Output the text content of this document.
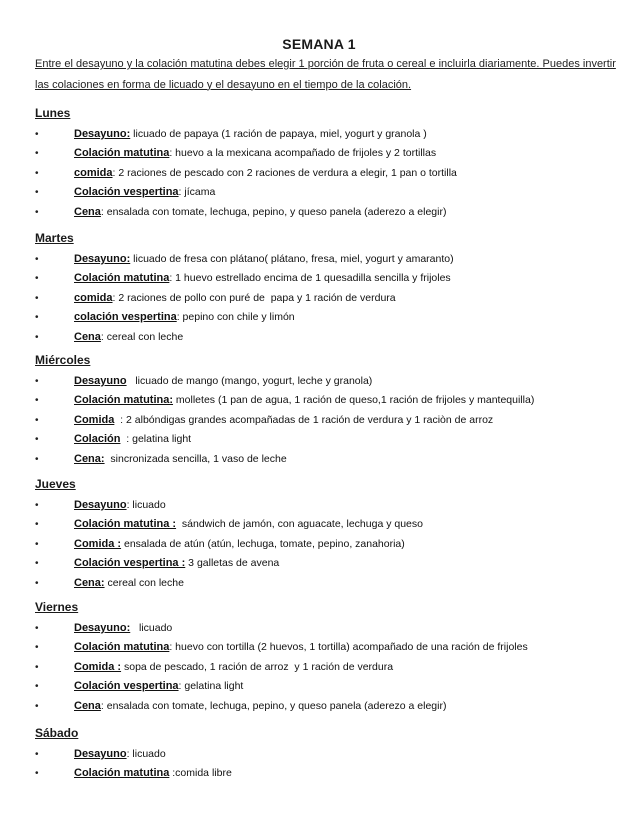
SEMANA 1
Entre el desayuno y la colación matutina debes elegir 1 porción de fruta o cereal e incluirla diariamente. Puedes invertir las colaciones en forma de licuado y el desayuno en el tiempo de la colación.
Lunes
•	Desayuno: licuado de papaya (1 ración de papaya, miel, yogurt y granola )
•	Colación matutina: huevo a la mexicana acompañado de frijoles y 2 tortillas
•	comida: 2 raciones de pescado con 2 raciones de verdura a elegir, 1 pan o tortilla
•	Colación vespertina: jícama
•	Cena: ensalada con tomate, lechuga, pepino, y queso panela (aderezo a elegir)
Martes
•	Desayuno: licuado de fresa con plátano( plátano, fresa, miel, yogurt y amaranto)
•	Colación matutina: 1 huevo estrellado encima de 1 quesadilla sencilla y frijoles
•	comida: 2 raciones de pollo con puré de  papa y 1 ración de verdura
•	colación vespertina: pepino con chile y limón
•	Cena: cereal con leche
Miércoles
•	Desayuno   licuado de mango (mango, yogurt, leche y granola)
•	Colación matutina: molletes (1 pan de agua, 1 ración de queso,1 ración de frijoles y mantequilla)
•	Comida  : 2 albóndigas grandes acompañadas de 1 ración de verdura y 1 raciòn de arroz
•	Colación  : gelatina light
•	Cena:  sincronizada sencilla, 1 vaso de leche
Jueves
•	Desayuno: licuado
•	Colación matutina :  sándwich de jamón, con aguacate, lechuga y queso
•	Comida : ensalada de atún (atún, lechuga, tomate, pepino, zanahoria)
•	Colación vespertina : 3 galletas de avena
•	Cena: cereal con leche
Viernes
•	Desayuno:   licuado
•	Colación matutina: huevo con tortilla (2 huevos, 1 tortilla) acompañado de una ración de frijoles
•	Comida : sopa de pescado, 1 ración de arroz  y 1 ración de verdura
•	Colación vespertina: gelatina light
•	Cena: ensalada con tomate, lechuga, pepino, y queso panela (aderezo a elegir)
Sábado
•	Desayuno: licuado
•	Colación matutina :comida libre
